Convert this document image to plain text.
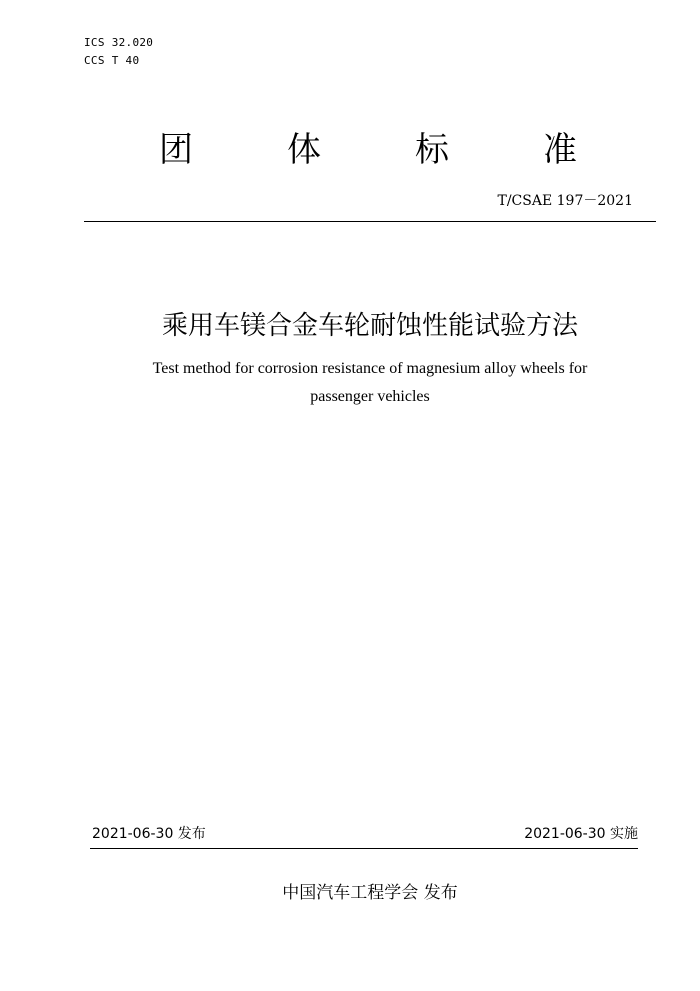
ICS 32.020
CCS T 40
团	体	标	准
T/CSAE 197－2021
乘用车镁合金车轮耐蚀性能试验方法
Test method for corrosion resistance of magnesium alloy wheels for
passenger vehicles
2021-06-30 发布	2021-06-30 实施
中国汽车工程学会 发布
